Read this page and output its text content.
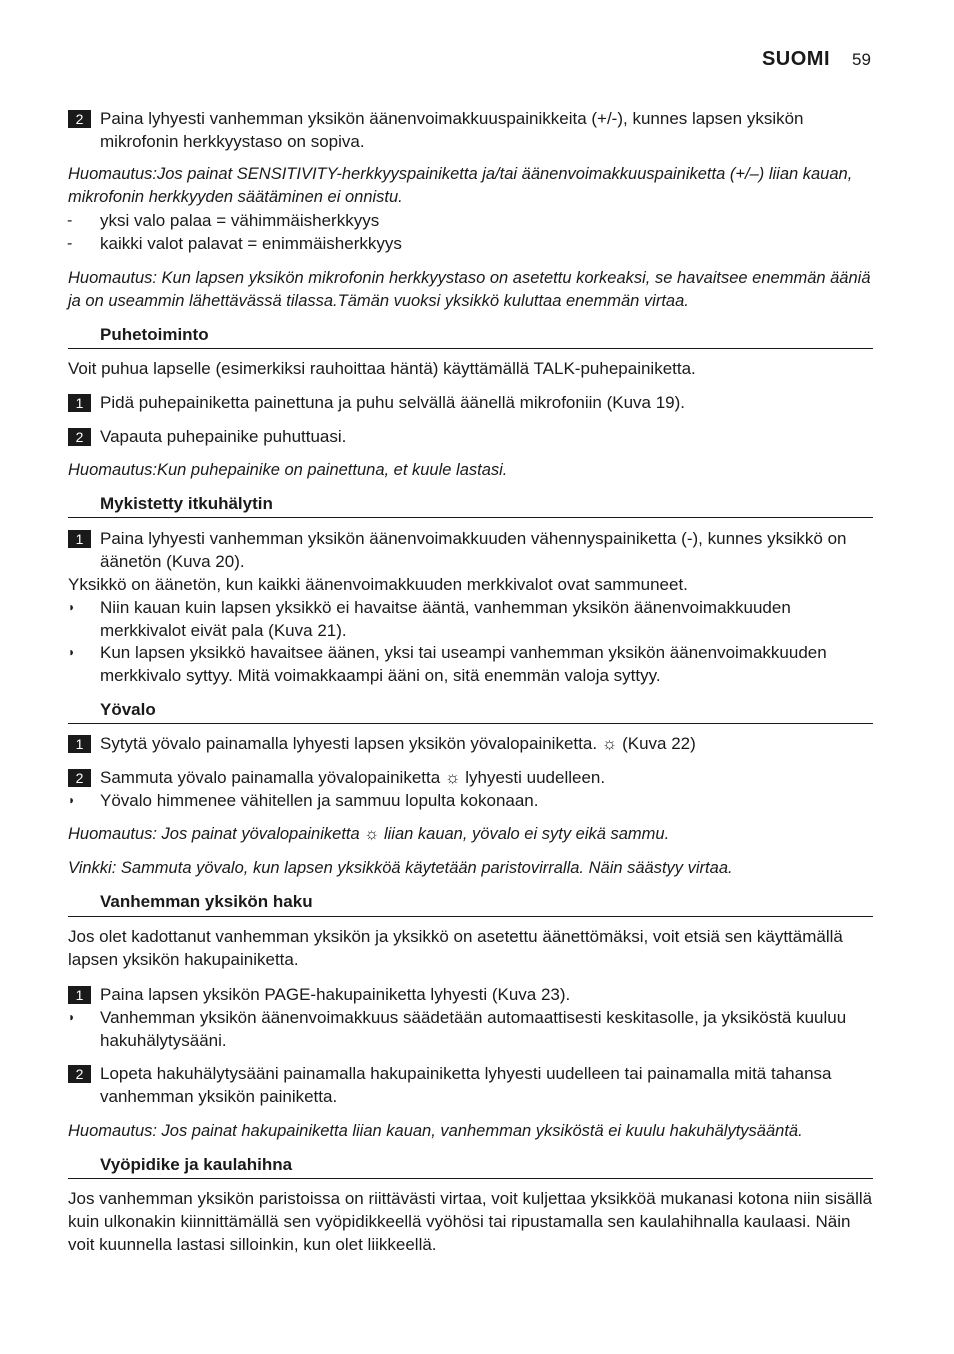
SUOMI 59
2 Paina lyhyesti vanhemman yksikön äänenvoimakkuuspainikkeita (+/-), kunnes lapsen yksikön mikrofonin herkkyystaso on sopiva.
Huomautus:Jos painat SENSITIVITY-herkkyyspainiketta ja/tai äänenvoimakkuuspainiketta (+/–) liian kauan, mikrofonin herkkyyden säätäminen ei onnistu.
- yksi valo palaa = vähimmäisherkkyys
- kaikki valot palavat = enimmäisherkkyys
Huomautus: Kun lapsen yksikön mikrofonin herkkyystaso on asetettu korkeaksi, se havaitsee enemmän ääniä ja on useammin lähettävässä tilassa.Tämän vuoksi yksikkö kuluttaa enemmän virtaa.
Puhetoiminto
Voit puhua lapselle (esimerkiksi rauhoittaa häntä) käyttämällä TALK-puhepainiketta.
1 Pidä puhepainiketta painettuna ja puhu selvällä äänellä mikrofoniin (Kuva 19).
2 Vapauta puhepainike puhuttuasi.
Huomautus:Kun puhepainike on painettuna, et kuule lastasi.
Mykistetty itkuhälytin
1 Paina lyhyesti vanhemman yksikön äänenvoimakkuuden vähennyspainiketta (-), kunnes yksikkö on äänetön (Kuva 20).
Yksikkö on äänetön, kun kaikki äänenvoimakkuuden merkkivalot ovat sammuneet.
◗ Niin kauan kuin lapsen yksikkö ei havaitse ääntä, vanhemman yksikön äänenvoimakkuuden merkkivalot eivät pala (Kuva 21).
◗ Kun lapsen yksikkö havaitsee äänen, yksi tai useampi vanhemman yksikön äänenvoimakkuuden merkkivalo syttyy. Mitä voimakkaampi ääni on, sitä enemmän valoja syttyy.
Yövalo
1 Sytytä yövalo painamalla lyhyesti lapsen yksikön yövalopainiketta. ☼ (Kuva 22)
2 Sammuta yövalo painamalla yövalopainiketta ☼ lyhyesti uudelleen.
◗ Yövalo himmenee vähitellen ja sammuu lopulta kokonaan.
Huomautus: Jos painat yövalopainiketta ☼ liian kauan, yövalo ei syty eikä sammu.
Vinkki: Sammuta yövalo, kun lapsen yksikköä käytetään paristovirralla. Näin säästyy virtaa.
Vanhemman yksikön haku
Jos olet kadottanut vanhemman yksikön ja yksikkö on asetettu äänettömäksi, voit etsiä sen käyttämällä lapsen yksikön hakupainiketta.
1 Paina lapsen yksikön PAGE-hakupainiketta lyhyesti (Kuva 23).
◗ Vanhemman yksikön äänenvoimakkuus säädetään automaattisesti keskitasolle, ja yksiköstä kuuluu hakuhälytysääni.
2 Lopeta hakuhälytysääni painamalla hakupainiketta lyhyesti uudelleen tai painamalla mitä tahansa vanhemman yksikön painiketta.
Huomautus: Jos painat hakupainiketta liian kauan, vanhemman yksiköstä ei kuulu hakuhälytysääntä.
Vyöpidike ja kaulahihna
Jos vanhemman yksikön paristoissa on riittävästi virtaa, voit kuljettaa yksikköä mukanasi kotona niin sisällä kuin ulkonakin kiinnittämällä sen vyöpidikkeellä vyöhösi tai ripustamalla sen kaulahihnalla kaulaasi. Näin voit kuunnella lastasi silloinkin, kun olet liikkeellä.
